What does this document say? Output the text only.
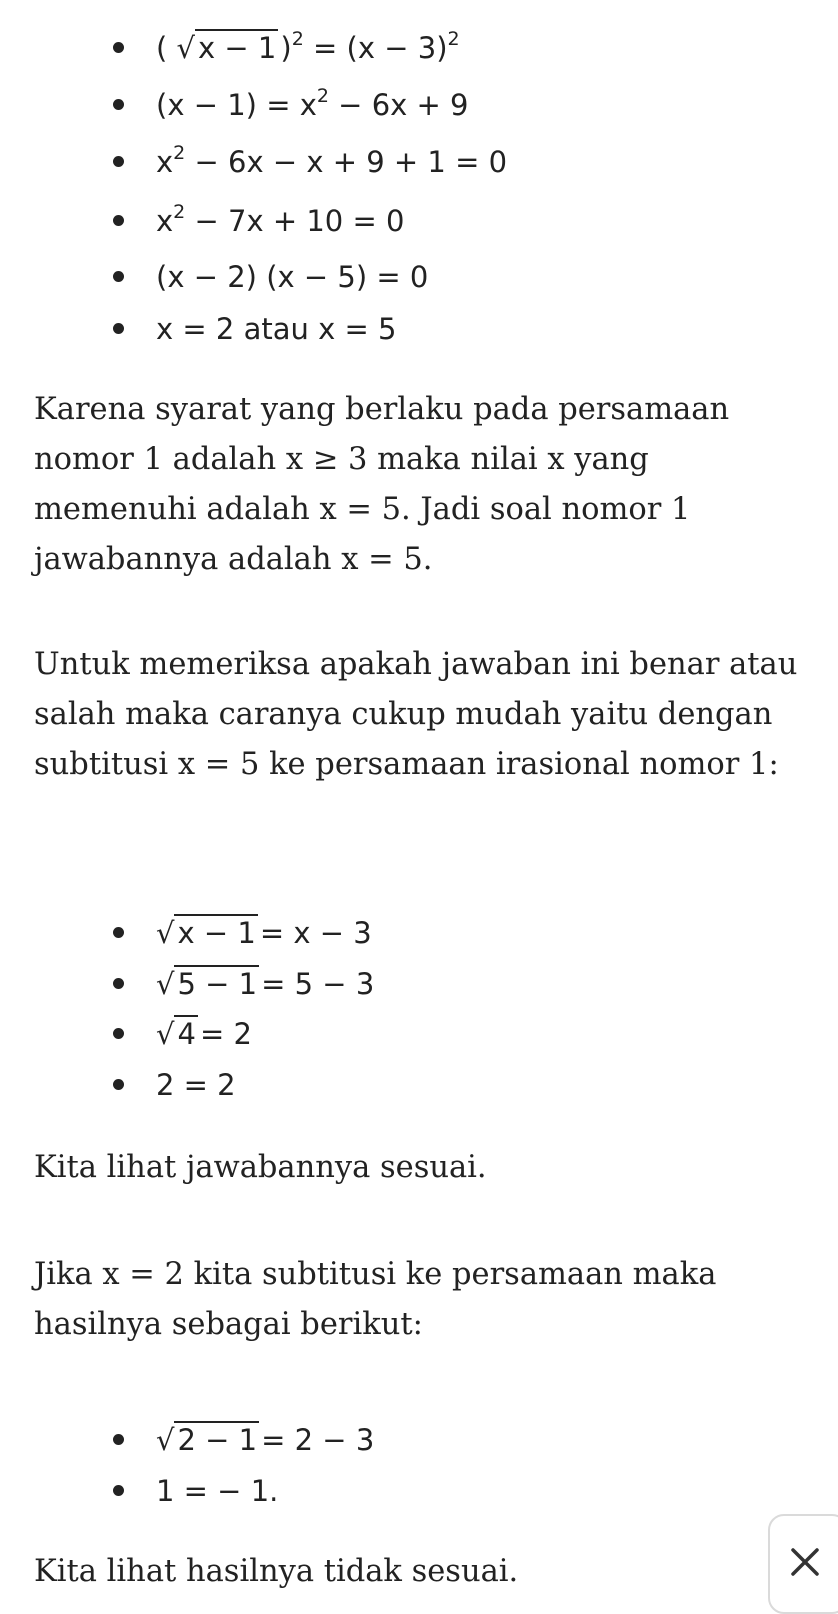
( √ x − 1 )$^2 = (x - 3)^2$
$(x - 1) = x^2 - 6x + 9$
$x^2 - 6x - x + 9 + 1 = 0$
$x^2 - 7x + 10 = 0$
(x − 2) (x − 5) = 0
x = 2 atau x = 5

Karena syarat yang berlaku pada persamaan nomor 1 adalah x ≥ 3 maka nilai x yang memenuhi adalah x = 5. Jadi soal nomor 1 jawabannya adalah x = 5.

Untuk memeriksa apakah jawaban ini benar atau salah maka caranya cukup mudah yaitu dengan subtitusi x = 5 ke persamaan irasional nomor 1:

√ x − 1 = x − 3
√ 5 − 1 = 5 − 3
√ 4 = 2
2 = 2

Kita lihat jawabannya sesuai.

Jika x = 2 kita subtitusi ke persamaan maka hasilnya sebagai berikut:

√ 2 − 1 = 2 − 3
1 = − 1.

Kita lihat hasilnya tidak sesuai.
